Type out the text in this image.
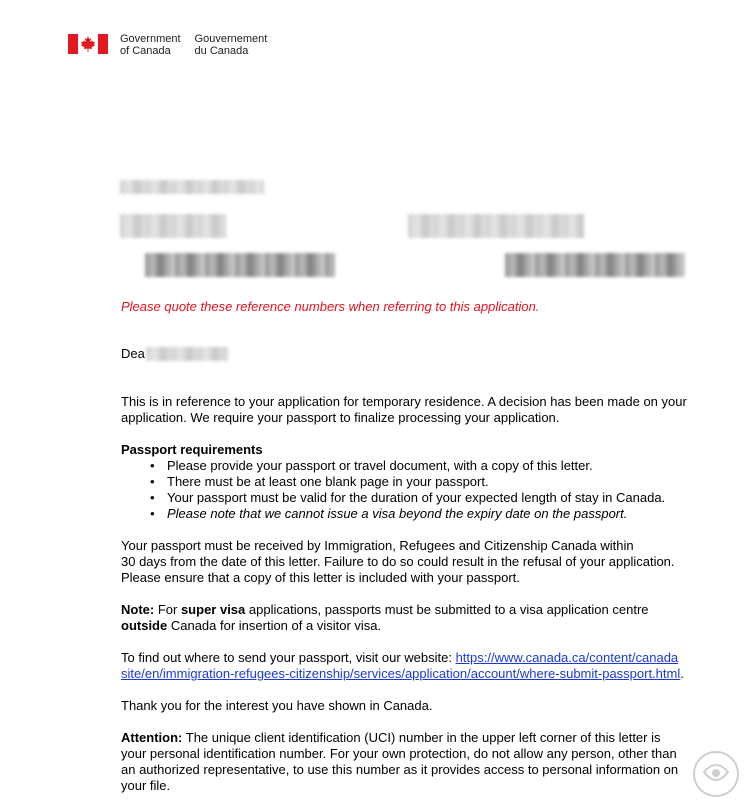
Government
of Canada
Gouvernement
du Canada
Please quote these reference numbers when referring to this application.
Dea
This is in reference to your application for temporary residence. A decision has been made on your application. We require your passport to finalize processing your application.
Passport requirements
• Please provide your passport or travel document, with a copy of this letter.
• There must be at least one blank page in your passport.
• Your passport must be valid for the duration of your expected length of stay in Canada.
• Please note that we cannot issue a visa beyond the expiry date on the passport.
Your passport must be received by Immigration, Refugees and Citizenship Canada within
30 days from the date of this letter. Failure to do so could result in the refusal of your application.
Please ensure that a copy of this letter is included with your passport.
Note: For super visa applications, passports must be submitted to a visa application centre
outside Canada for insertion of a visitor visa.
To find out where to send your passport, visit our website: https://www.canada.ca/content/canada
site/en/immigration-refugees-citizenship/services/application/account/where-submit-passport.html.
Thank you for the interest you have shown in Canada.
Attention: The unique client identification (UCI) number in the upper left corner of this letter is
your personal identification number. For your own protection, do not allow any person, other than
an authorized representative, to use this number as it provides access to personal information on
your file.
